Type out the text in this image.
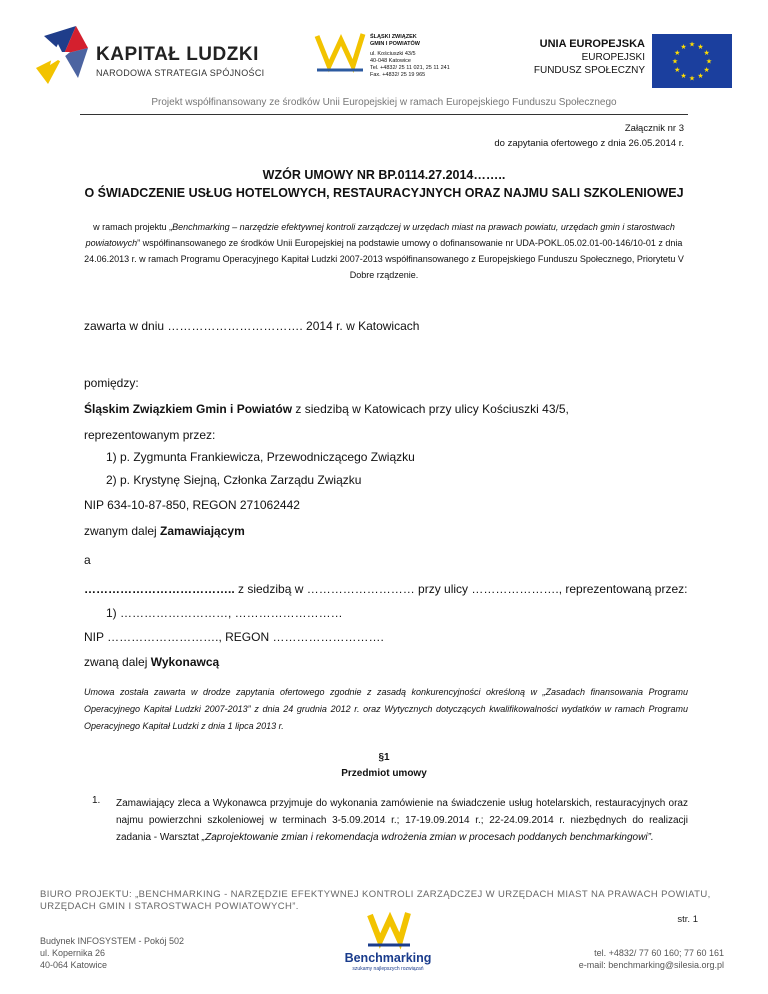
KAPITAŁ LUDZKI
NARODOWA STRATEGIA SPÓJNOŚCI
ŚLĄSKI ZWIĄZEK
GMIN I POWIATÓW
ul. Kościuszki 43/5
40-048 Katowice
Tel. +4832/ 25 11 021, 25 11 241
Fax. +4832/ 25 19 965
UNIA EUROPEJSKA
EUROPEJSKI
FUNDUSZ SPOŁECZNY
★ ★
★
★
★
★
★
★
★
★
★
★
Projekt współfinansowany ze środków Unii Europejskiej w ramach Europejskiego Funduszu Społecznego
Załącznik nr 3
do zapytania ofertowego z dnia 26.05.2014 r.
WZÓR UMOWY NR BP.0114.27.2014……..
O ŚWIADCZENIE USŁUG HOTELOWYCH, RESTAURACYJNYCH ORAZ NAJMU SALI SZKOLENIOWEJ
w ramach projektu „Benchmarking – narzędzie efektywnej kontroli zarządczej w urzędach miast na prawach powiatu, urzędach gmin i starostwach powiatowych” współfinansowanego ze środków Unii Europejskiej na podstawie umowy o dofinansowanie nr UDA-POKL.05.02.01-00-146/10-01 z dnia 24.06.2013 r. w ramach Programu Operacyjnego Kapitał Ludzki 2007-2013 współfinansowanego z Europejskiego Funduszu Społecznego, Priorytetu V Dobre rządzenie.
zawarta w dniu ……………………………. 2014 r. w Katowicach
pomiędzy:
Śląskim Związkiem Gmin i Powiatów z siedzibą w Katowicach przy ulicy Kościuszki 43/5,
reprezentowanym przez:
1) p. Zygmunta Frankiewicza, Przewodniczącego Związku
2) p. Krystynę Siejną, Członka Zarządu Związku
NIP 634-10-87-850, REGON 271062442
zwanym dalej Zamawiającym
a
……………………………….. z siedzibą w ……………………… przy ulicy …………………., reprezentowaną przez:
1) ………………………, ………………………
NIP ………………………., REGON ……………………….
zwaną dalej Wykonawcą
Umowa została zawarta w drodze zapytania ofertowego zgodnie z zasadą konkurencyjności określoną w „Zasadach finansowania Programu Operacyjnego Kapitał Ludzki 2007-2013” z dnia 24 grudnia 2012 r. oraz Wytycznych dotyczących kwalifikowalności wydatków w ramach Programu Operacyjnego Kapitał Ludzki z dnia 1 lipca 2013 r.
§1
Przedmiot umowy
1. Zamawiający zleca a Wykonawca przyjmuje do wykonania zamówienie na świadczenie usług hotelarskich, restauracyjnych oraz najmu powierzchni szkoleniowej w terminach 3-5.09.2014 r.; 17-19.09.2014 r.; 22-24.09.2014 r. niezbędnych do realizacji zadania - Warsztat „Zaprojektowanie zmian i rekomendacja wdrożenia zmian w procesach poddanych benchmarkingowi”.
BIURO PROJEKTU: „BENCHMARKING - NARZĘDZIE EFEKTYWNEJ KONTROLI ZARZĄDCZEJ W URZĘDACH MIAST NA PRAWACH POWIATU, URZĘDACH GMIN I STAROSTWACH POWIATOWYCH”.
str. 1
Budynek INFOSYSTEM - Pokój 502
ul. Kopernika 26
40-064 Katowice	Benchmarking
szukamy najlepszych rozwiązań
tel. +4832/ 77 60 160; 77 60 161
e-mail: benchmarking@silesia.org.pl
